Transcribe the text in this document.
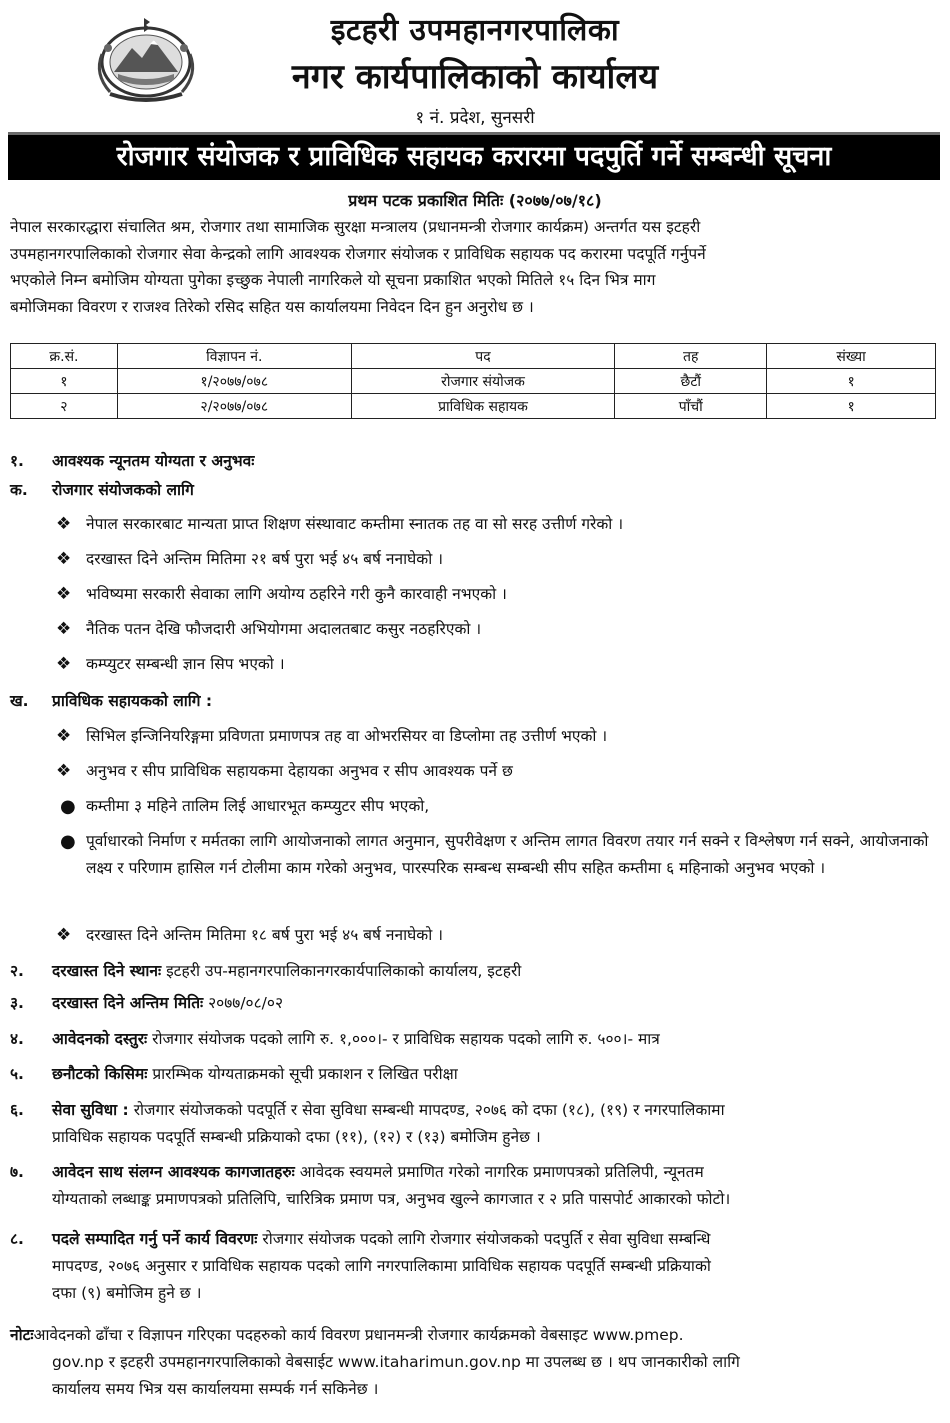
इटहरी उपमहानगरपालिका
नगर कार्यपालिकाको कार्यालय
१ नं. प्रदेश, सुनसरी
रोजगार संयोजक र प्राविधिक सहायक करारमा पदपुर्ति गर्ने सम्बन्धी सूचना
प्रथम पटक प्रकाशित मितिः (२०७७/०७/१८)

नेपाल सरकारद्धारा संचालित श्रम, रोजगार तथा सामाजिक सुरक्षा मन्त्रालय (प्रधानमन्त्री रोजगार कार्यक्रम) अन्तर्गत यस इटहरी

उपमहानगरपालिकाको रोजगार सेवा केन्द्रको लागि आवश्यक रोजगार संयोजक र प्राविधिक सहायक पद करारमा पदपूर्ति गर्नुपर्ने

भएकोले निम्न बमोजिम योग्यता पुगेका इच्छुक नेपाली नागरिकले यो सूचना प्रकाशित भएको मितिले १५ दिन भित्र माग

बमोजिमका विवरण र राजश्व तिरेको रसिद सहित यस कार्यालयमा निवेदन दिन हुन अनुरोध छ ।

क्र.सं.	विज्ञापन नं.	पद	तह	संख्या
१	१/२०७७/०७८	रोजगार संयोजक	छैटौं	१
२	२/२०७७/०७८	प्राविधिक सहायक	पाँचौं	१
१. आवश्यक न्यूनतम योग्यता र अनुभवः
क. रोजगार संयोजकको लागि
❖ नेपाल सरकारबाट मान्यता प्राप्त शिक्षण संस्थावाट कम्तीमा स्नातक तह वा सो सरह उत्तीर्ण गरेको ।
❖ दरखास्त दिने अन्तिम मितिमा २१ बर्ष पुरा भई ४५ बर्ष ननाघेको ।
❖ भविष्यमा सरकारी सेवाका लागि अयोग्य ठहरिने गरी कुनै कारवाही नभएको ।
❖ नैतिक पतन देखि फौजदारी अभियोगमा अदालतबाट कसुर नठहरिएको ।
❖ कम्प्युटर सम्बन्धी ज्ञान सिप भएको ।
ख. प्राविधिक सहायकको लागि :
❖ सिभिल इन्जिनियरिङ्गमा प्रविणता प्रमाणपत्र तह वा ओभरसियर वा डिप्लोमा तह उत्तीर्ण भएको ।
❖ अनुभव र सीप प्राविधिक सहायकमा देहायका अनुभव र सीप आवश्यक पर्ने छ
● कम्तीमा ३ महिने तालिम लिई आधारभूत कम्प्युटर सीप भएको,
● पूर्वाधारको निर्माण र मर्मतका लागि आयोजनाको लागत अनुमान, सुपरीवेक्षण र अन्तिम लागत विवरण तयार गर्न सक्ने र विश्लेषण गर्न सक्ने, आयोजनाको लक्ष्य र परिणाम हासिल गर्न टोलीमा काम गरेको अनुभव, पारस्परिक सम्बन्ध सम्बन्धी सीप सहित कम्तीमा ६ महिनाको अनुभव भएको ।
❖ दरखास्त दिने अन्तिम मितिमा १८ बर्ष पुरा भई ४५ बर्ष ननाघेको ।
२. दरखास्त दिने स्थानः इटहरी उप-महानगरपालिकानगरकार्यपालिकाको कार्यालय, इटहरी
३. दरखास्त दिने अन्तिम मितिः २०७७/०८/०२
४. आवेदनको दस्तुरः रोजगार संयोजक पदको लागि रु. १,०००।- र प्राविधिक सहायक पदको लागि रु. ५००।- मात्र
५. छनौटको किसिमः प्रारम्भिक योग्यताक्रमको सूची प्रकाशन र लिखित परीक्षा
६. सेवा सुविधा : रोजगार संयोजकको पदपूर्ति र सेवा सुविधा सम्बन्धी मापदण्ड, २०७६ को दफा (१८), (१९) र नगरपालिकामा
प्राविधिक सहायक पदपूर्ति सम्बन्धी प्रक्रियाको दफा (११), (१२) र (१३) बमोजिम हुनेछ ।
७. आवेदन साथ संलग्न आवश्यक कागजातहरुः आवेदक स्वयमले प्रमाणित गरेको नागरिक प्रमाणपत्रको प्रतिलिपी, न्यूनतम
योग्यताको लब्धाङ्क प्रमाणपत्रको प्रतिलिपि, चारित्रिक प्रमाण पत्र, अनुभव खुल्ने कागजात र २ प्रति पासपोर्ट आकारको फोटो।
८. पदले सम्पादित गर्नु पर्ने कार्य विवरणः रोजगार संयोजक पदको लागि रोजगार संयोजकको पदपुर्ति र सेवा सुविधा सम्बन्धि
मापदण्ड, २०७६ अनुसार र प्राविधिक सहायक पदको लागि नगरपालिकामा प्राविधिक सहायक पदपूर्ति सम्बन्धी प्रक्रियाको
दफा (९) बमोजिम हुने छ ।
नोटःआवेदनको ढाँचा र विज्ञापन गरिएका पदहरुको कार्य विवरण प्रधानमन्त्री रोजगार कार्यक्रमको वेबसाइट www.pmep.
gov.np र इटहरी उपमहानगरपालिकाको वेबसाईट www.itaharimun.gov.np मा उपलब्ध छ । थप जानकारीको लागि
कार्यालय समय भित्र यस कार्यालयमा सम्पर्क गर्न सकिनेछ ।
